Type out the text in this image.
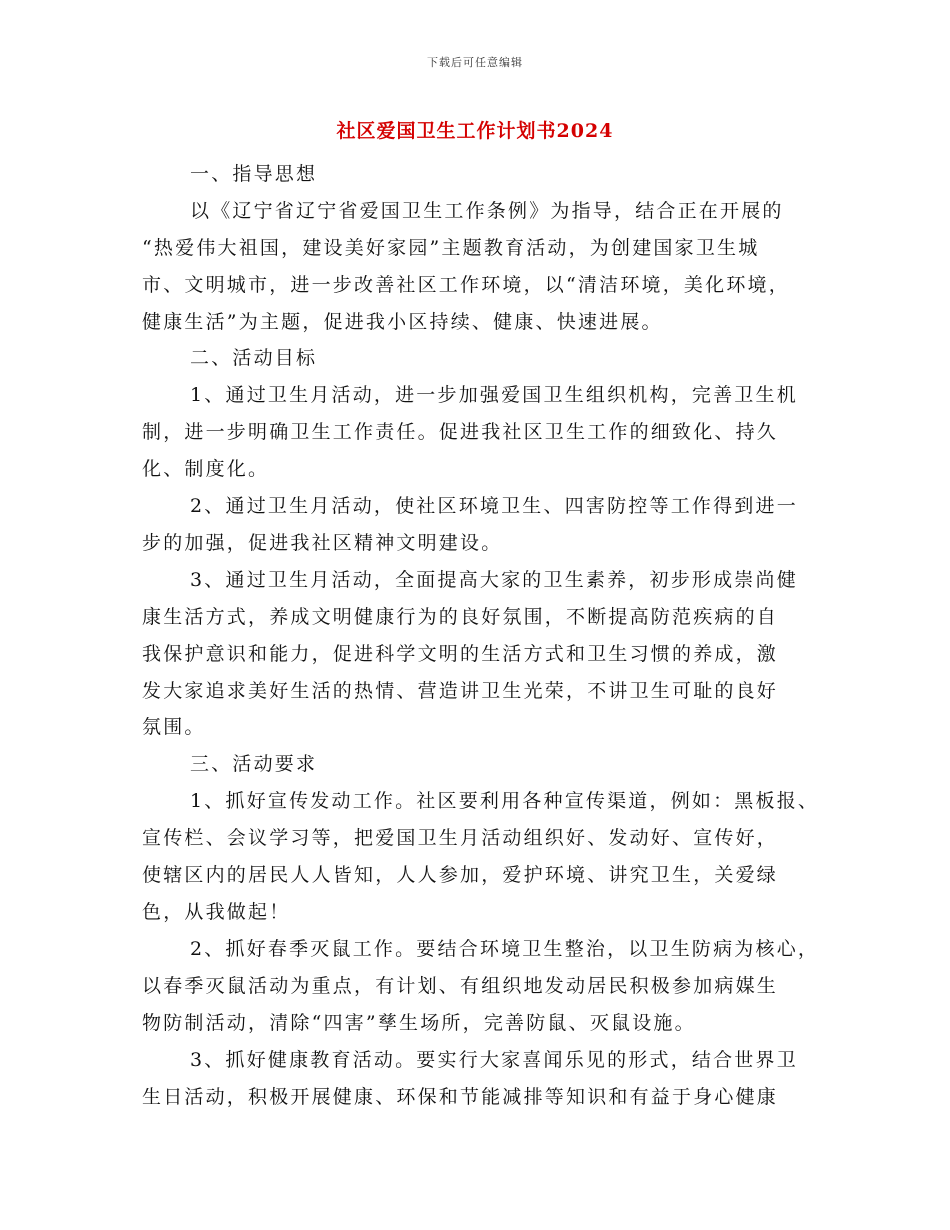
下载后可任意编辑
社区爱国卫生工作计划书2024
一、指导思想
以《辽宁省辽宁省爱国卫生工作条例》为指导，结合正在开展的
“热爱伟大祖国，建设美好家园”主题教育活动，为创建国家卫生城
市、文明城市，进一步改善社区工作环境，以“清洁环境，美化环境，
健康生活”为主题，促进我小区持续、健康、快速进展。
二、活动目标
1、通过卫生月活动，进一步加强爱国卫生组织机构，完善卫生机
制，进一步明确卫生工作责任。促进我社区卫生工作的细致化、持久
化、制度化。
2、通过卫生月活动，使社区环境卫生、四害防控等工作得到进一
步的加强，促进我社区精神文明建设。
3、通过卫生月活动，全面提高大家的卫生素养，初步形成崇尚健
康生活方式，养成文明健康行为的良好氛围，不断提高防范疾病的自
我保护意识和能力，促进科学文明的生活方式和卫生习惯的养成，激
发大家追求美好生活的热情、营造讲卫生光荣，不讲卫生可耻的良好
氛围。
三、活动要求
1、抓好宣传发动工作。社区要利用各种宣传渠道，例如：黑板报、
宣传栏、会议学习等，把爱国卫生月活动组织好、发动好、宣传好，
使辖区内的居民人人皆知，人人参加，爱护环境、讲究卫生，关爱绿
色，从我做起！
2、抓好春季灭鼠工作。要结合环境卫生整治，以卫生防病为核心，
以春季灭鼠活动为重点，有计划、有组织地发动居民积极参加病媒生
物防制活动，清除“四害”孳生场所，完善防鼠、灭鼠设施。
3、抓好健康教育活动。要实行大家喜闻乐见的形式，结合世界卫
生日活动，积极开展健康、环保和节能减排等知识和有益于身心健康
